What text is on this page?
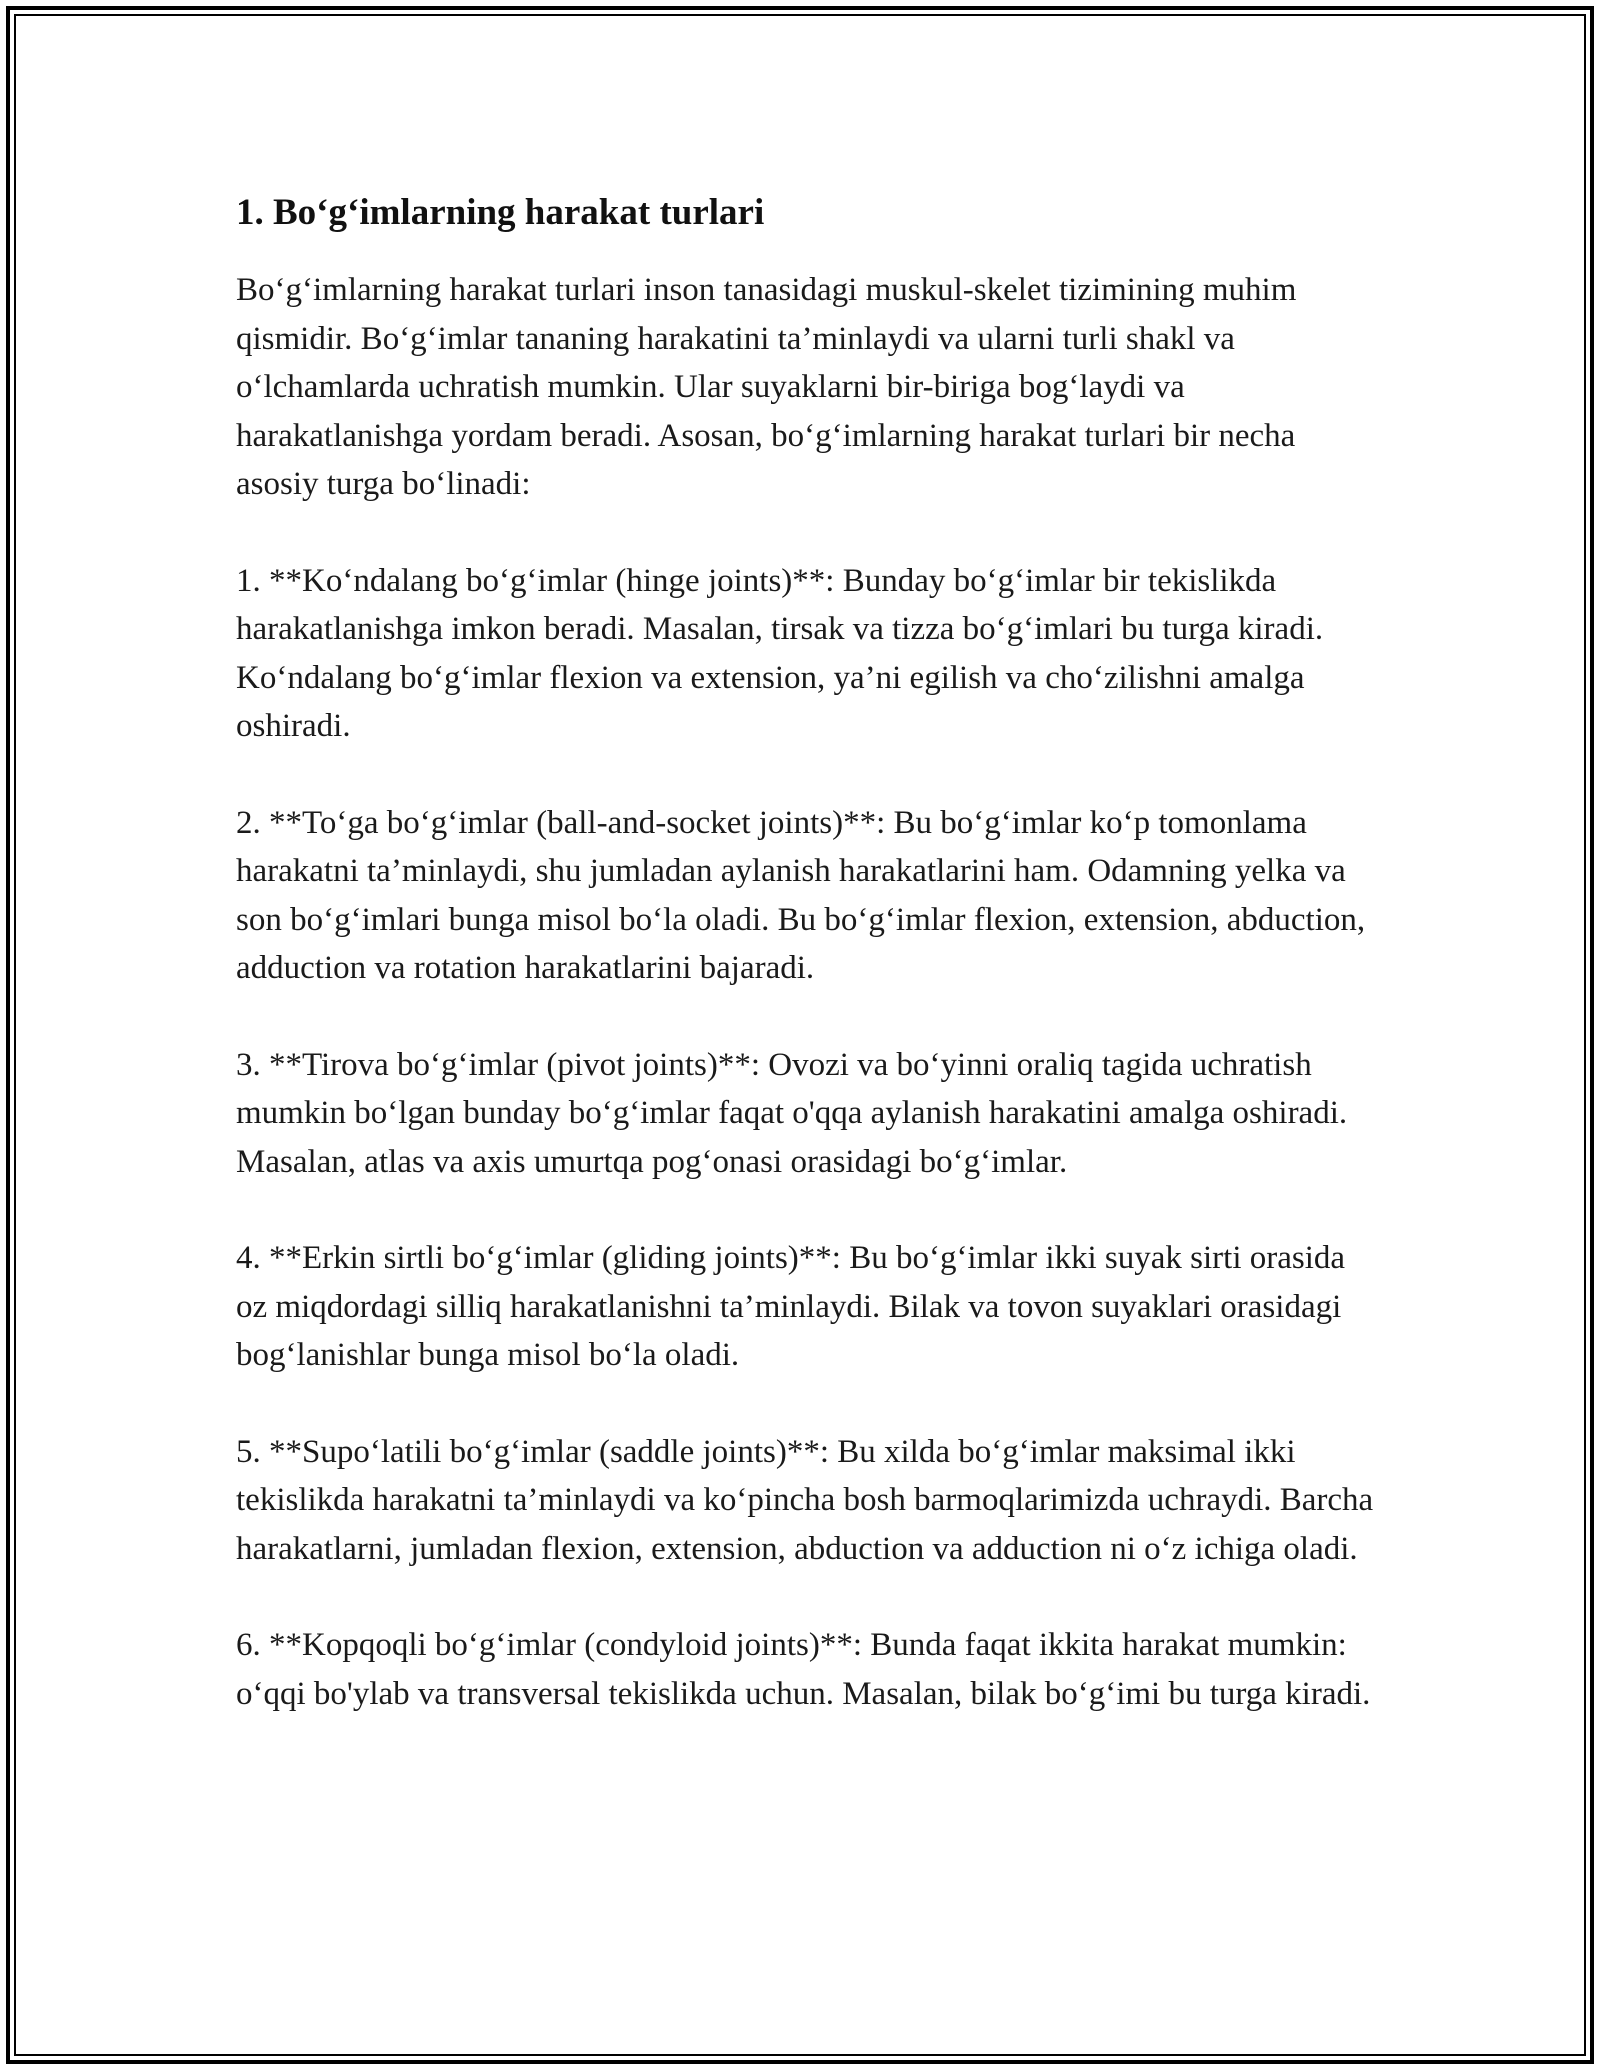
1. Bo‘g‘imlarning harakat turlari

Bo‘g‘imlarning harakat turlari inson tanasidagi muskul-skelet tizimining muhim qismidir. Bo‘g‘imlar tananing harakatini ta’minlaydi va ularni turli shakl va o‘lchamlarda uchratish mumkin. Ular suyaklarni bir-biriga bog‘laydi va harakatlanishga yordam beradi. Asosan, bo‘g‘imlarning harakat turlari bir necha asosiy turga bo‘linadi:

1. **Ko‘ndalang bo‘g‘imlar (hinge joints)**: Bunday bo‘g‘imlar bir tekislikda harakatlanishga imkon beradi. Masalan, tirsak va tizza bo‘g‘imlari bu turga kiradi. Ko‘ndalang bo‘g‘imlar flexion va extension, ya’ni egilish va cho‘zilishni amalga oshiradi.

2. **To‘ga bo‘g‘imlar (ball-and-socket joints)**: Bu bo‘g‘imlar ko‘p tomonlama harakatni ta’minlaydi, shu jumladan aylanish harakatlarini ham. Odamning yelka va son bo‘g‘imlari bunga misol bo‘la oladi. Bu bo‘g‘imlar flexion, extension, abduction, adduction va rotation harakatlarini bajaradi.

3. **Tirova bo‘g‘imlar (pivot joints)**: Ovozi va bo‘yinni oraliq tagida uchratish mumkin bo‘lgan bunday bo‘g‘imlar faqat o'qqa aylanish harakatini amalga oshiradi. Masalan, atlas va axis umurtqa pog‘onasi orasidagi bo‘g‘imlar.

4. **Erkin sirtli bo‘g‘imlar (gliding joints)**: Bu bo‘g‘imlar ikki suyak sirti orasida oz miqdordagi silliq harakatlanishni ta’minlaydi. Bilak va tovon suyaklari orasidagi bog‘lanishlar bunga misol bo‘la oladi.

5. **Supo‘latili bo‘g‘imlar (saddle joints)**: Bu xilda bo‘g‘imlar maksimal ikki tekislikda harakatni ta’minlaydi va ko‘pincha bosh barmoqlarimizda uchraydi. Barcha harakatlarni, jumladan flexion, extension, abduction va adduction ni o‘z ichiga oladi.

6. **Kopqoqli bo‘g‘imlar (condyloid joints)**: Bunda faqat ikkita harakat mumkin: o‘qqi bo'ylab va transversal tekislikda uchun. Masalan, bilak bo‘g‘imi bu turga kiradi.
